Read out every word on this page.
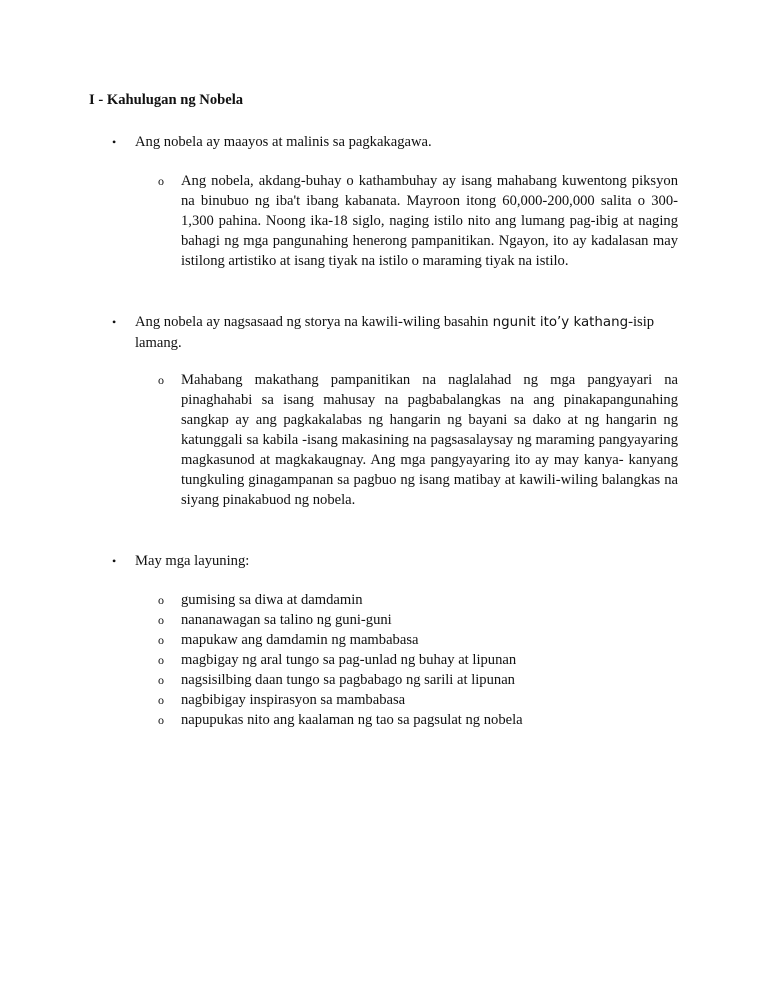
I - Kahulugan ng Nobela
•	Ang nobela ay maayos at malinis sa pagkakagawa.
o Ang nobela, akdang-buhay o kathambuhay ay isang mahabang kuwentong piksyon na binubuo ng iba't ibang kabanata. Mayroon itong 60,000-200,000 salita o 300-1,300 pahina. Noong ika-18 siglo, naging istilo nito ang lumang pag-ibig at naging bahagi ng mga pangunahing henerong pampanitikan. Ngayon, ito ay kadalasan may istilong artistiko at isang tiyak na istilo o maraming tiyak na istilo.
•	Ang nobela ay nagsasaad ng storya na kawili-wiling basahin ngunit ito’y kathang-isip lamang.
o Mahabang makathang pampanitikan na naglalahad ng mga pangyayari na pinaghahabi sa isang mahusay na pagbabalangkas na ang pinakapangunahing sangkap ay ang pagkakalabas ng hangarin ng bayani sa dako at ng hangarin ng katunggali sa kabila -isang makasining na pagsasalaysay ng maraming pangyayaring magkasunod at magkakaugnay. Ang mga pangyayaring ito ay may kanya- kanyang tungkuling ginagampanan sa pagbuo ng isang matibay at kawili-wiling balangkas na siyang pinakabuod ng nobela.
•	May mga layuning:
o gumising sa diwa at damdamin
o nananawagan sa talino ng guni-guni
o mapukaw ang damdamin ng mambabasa
o magbigay ng aral tungo sa pag-unlad ng buhay at lipunan
o nagsisilbing daan tungo sa pagbabago ng sarili at lipunan
o nagbibigay inspirasyon sa mambabasa
o napupukas nito ang kaalaman ng tao sa pagsulat ng nobela
